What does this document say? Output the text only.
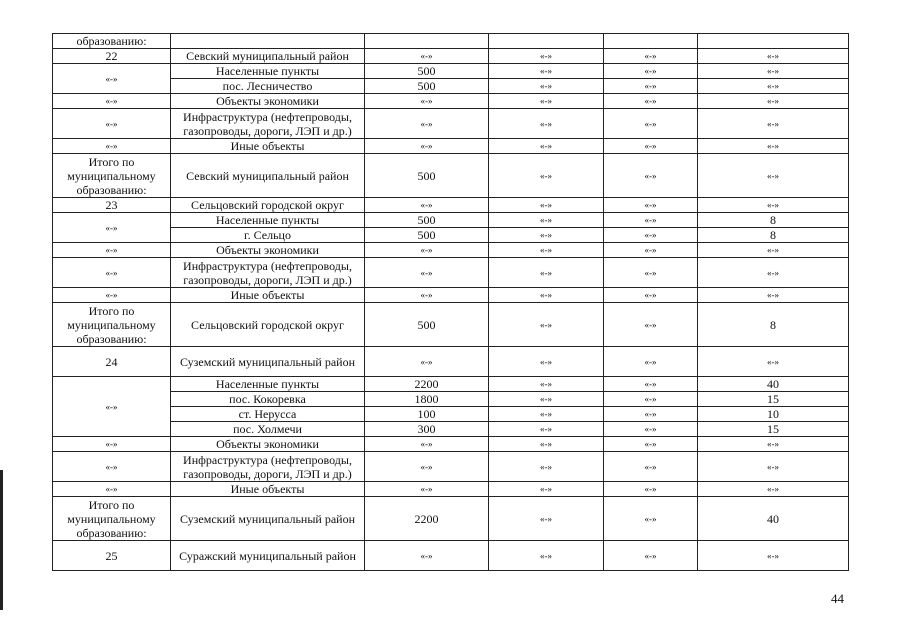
образованию:					
22	Севский муниципальный район	«-»	«-»	«-»	«-»
«-»	Населенные пункты	500	«-»	«-»	«-»
	пос. Лесничество	500	«-»	«-»	«-»
«-»	Объекты экономики	«-»	«-»	«-»	«-»
«-»	Инфраструктура (нефтепроводы, газопроводы, дороги, ЛЭП и др.)	«-»	«-»	«-»	«-»
«-»	Иные объекты	«-»	«-»	«-»	«-»
Итого по муниципальному образованию:	Севский муниципальный район	500	«-»	«-»	«-»
23	Сельцовский городской округ	«-»	«-»	«-»	«-»
«-»	Населенные пункты	500	«-»	«-»	8
	г. Сельцо	500	«-»	«-»	8
«-»	Объекты экономики	«-»	«-»	«-»	«-»
«-»	Инфраструктура (нефтепроводы, газопроводы, дороги, ЛЭП и др.)	«-»	«-»	«-»	«-»
«-»	Иные объекты	«-»	«-»	«-»	«-»
Итого по муниципальному образованию:	Сельцовский городской округ	500	«-»	«-»	8
24	Суземский муниципальный район	«-»	«-»	«-»	«-»
«-»	Населенные пункты	2200	«-»	«-»	40
	пос. Кокоревка	1800	«-»	«-»	15
	ст. Нерусса	100	«-»	«-»	10
	пос. Холмечи	300	«-»	«-»	15
«-»	Объекты экономики	«-»	«-»	«-»	«-»
«-»	Инфраструктура (нефтепроводы, газопроводы, дороги, ЛЭП и др.)	«-»	«-»	«-»	«-»
«-»	Иные объекты	«-»	«-»	«-»	«-»
Итого по муниципальному образованию:	Суземский муниципальный район	2200	«-»	«-»	40
25	Суражский муниципальный район	«-»	«-»	«-»	«-»
44
